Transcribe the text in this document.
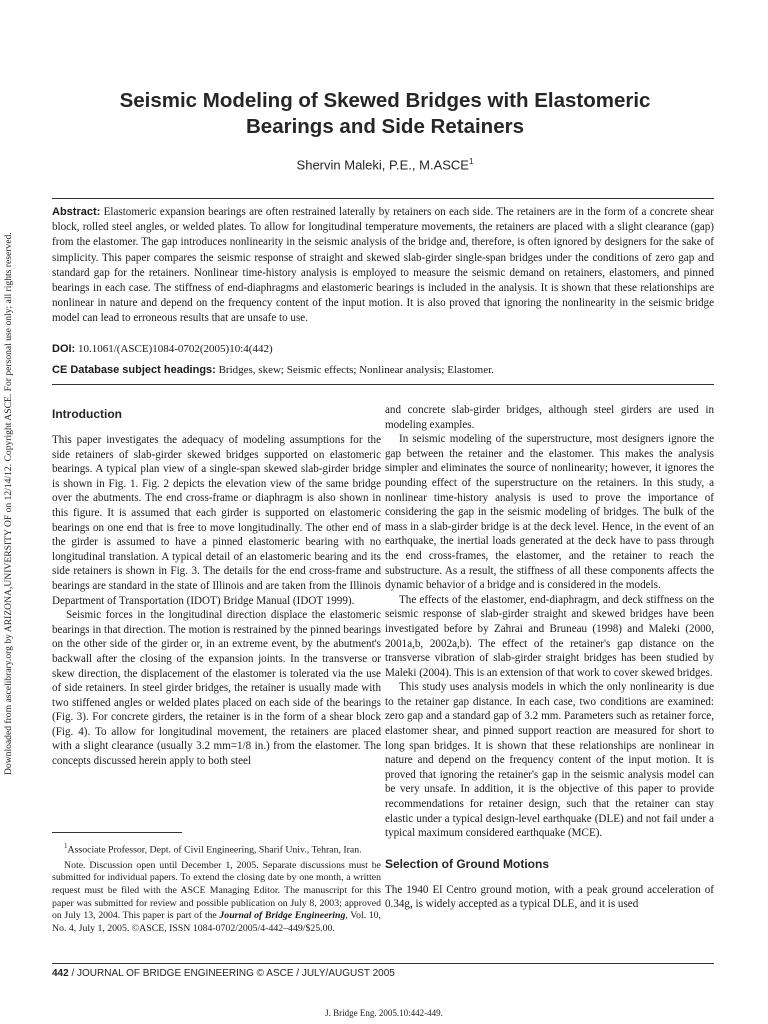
Downloaded from ascelibrary.org by ARIZONA,UNIVERSITY OF on 12/14/12. Copyright ASCE. For personal use only; all rights reserved.
Seismic Modeling of Skewed Bridges with Elastomeric
Bearings and Side Retainers
Shervin Maleki, P.E., M.ASCE$^1$

Abstract: Elastomeric expansion bearings are often restrained laterally by retainers on each side. The retainers are in the form of a concrete shear block, rolled steel angles, or welded plates. To allow for longitudinal temperature movements, the retainers are placed with a slight clearance (gap) from the elastomer. The gap introduces nonlinearity in the seismic analysis of the bridge and, therefore, is often ignored by designers for the sake of simplicity. This paper compares the seismic response of straight and skewed slab-girder single-span bridges under the conditions of zero gap and standard gap for the retainers. Nonlinear time-history analysis is employed to measure the seismic demand on retainers, elastomers, and pinned bearings in each case. The stiffness of end-diaphragms and elastomeric bearings is included in the analysis. It is shown that these relationships are nonlinear in nature and depend on the frequency content of the input motion. It is also proved that ignoring the nonlinearity in the seismic bridge model can lead to erroneous results that are unsafe to use.

DOI: 10.1061/(ASCE)1084-0702(2005)10:4(442)
CE Database subject headings: Bridges, skew; Seismic effects; Nonlinear analysis; Elastomer.
Introduction

This paper investigates the adequacy of modeling assumptions for the side retainers of slab-girder skewed bridges supported on elastomeric bearings. A typical plan view of a single-span skewed slab-girder bridge is shown in Fig. 1. Fig. 2 depicts the elevation view of the same bridge over the abutments. The end cross-frame or diaphragm is also shown in this figure. It is assumed that each girder is supported on elastomeric bearings on one end that is free to move longitudinally. The other end of the girder is assumed to have a pinned elastomeric bearing with no longitudinal translation. A typical detail of an elastomeric bearing and its side retainers is shown in Fig. 3. The details for the end cross-frame and bearings are standard in the state of Illinois and are taken from the Illinois Department of Transportation (IDOT) Bridge Manual (IDOT 1999).

Seismic forces in the longitudinal direction displace the elastomeric bearings in that direction. The motion is restrained by the pinned bearings on the other side of the girder or, in an extreme event, by the abutment's backwall after the closing of the expansion joints. In the transverse or skew direction, the displacement of the elastomer is tolerated via the use of side retainers. In steel girder bridges, the retainer is usually made with two stiffened angles or welded plates placed on each side of the bearings (Fig. 3). For concrete girders, the retainer is in the form of a shear block (Fig. 4). To allow for longitudinal movement, the retainers are placed with a slight clearance (usually 3.2 mm=1/8 in.) from the elastomer. The concepts discussed herein apply to both steel

$^1$Associate Professor, Dept. of Civil Engineering, Sharif Univ., Tehran, Iran.

Note. Discussion open until December 1, 2005. Separate discussions must be submitted for individual papers. To extend the closing date by one month, a written request must be filed with the ASCE Managing Editor. The manuscript for this paper was submitted for review and possible publication on July 8, 2003; approved on July 13, 2004. This paper is part of the Journal of Bridge Engineering, Vol. 10, No. 4, July 1, 2005. ©ASCE, ISSN 1084-0702/2005/4-442–449/$25.00.

and concrete slab-girder bridges, although steel girders are used in modeling examples.

In seismic modeling of the superstructure, most designers ignore the gap between the retainer and the elastomer. This makes the analysis simpler and eliminates the source of nonlinearity; however, it ignores the pounding effect of the superstructure on the retainers. In this study, a nonlinear time-history analysis is used to prove the importance of considering the gap in the seismic modeling of bridges. The bulk of the mass in a slab-girder bridge is at the deck level. Hence, in the event of an earthquake, the inertial loads generated at the deck have to pass through the end cross-frames, the elastomer, and the retainer to reach the substructure. As a result, the stiffness of all these components affects the dynamic behavior of a bridge and is considered in the models.

The effects of the elastomer, end-diaphragm, and deck stiffness on the seismic response of slab-girder straight and skewed bridges have been investigated before by Zahrai and Bruneau (1998) and Maleki (2000, 2001a,b, 2002a,b). The effect of the retainer's gap distance on the transverse vibration of slab-girder straight bridges has been studied by Maleki (2004). This is an extension of that work to cover skewed bridges.

This study uses analysis models in which the only nonlinearity is due to the retainer gap distance. In each case, two conditions are examined: zero gap and a standard gap of 3.2 mm. Parameters such as retainer force, elastomer shear, and pinned support reaction are measured for short to long span bridges. It is shown that these relationships are nonlinear in nature and depend on the frequency content of the input motion. It is proved that ignoring the retainer's gap in the seismic analysis model can be very unsafe. In addition, it is the objective of this paper to provide recommendations for retainer design, such that the retainer can stay elastic under a typical design-level earthquake (DLE) and not fail under a typical maximum considered earthquake (MCE).

Selection of Ground Motions

The 1940 El Centro ground motion, with a peak ground acceleration of 0.34g, is widely accepted as a typical DLE, and it is used

442 / JOURNAL OF BRIDGE ENGINEERING © ASCE / JULY/AUGUST 2005
J. Bridge Eng. 2005.10:442-449.
